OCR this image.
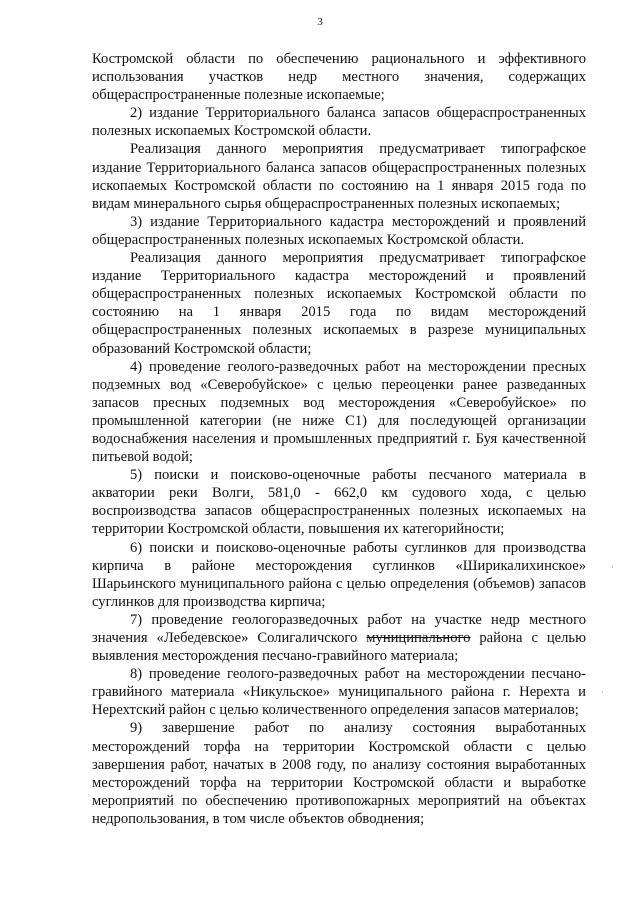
3

Костромской области по обеспечению рационального и эффективного использования участков недр местного значения, содержащих общераспространенные полезные ископаемые;

2) издание Территориального баланса запасов общераспространенных полезных ископаемых Костромской области.

Реализация данного мероприятия предусматривает типографское издание Территориального баланса запасов общераспространенных полезных ископаемых Костромской области по состоянию на 1 января 2015 года по видам минерального сырья общераспространенных полезных ископаемых;

3) издание Территориального кадастра месторождений и проявлений общераспространенных полезных ископаемых Костромской области.

Реализация данного мероприятия предусматривает типографское издание Территориального кадастра месторождений и проявлений общераспространенных полезных ископаемых Костромской области по состоянию на 1 января 2015 года по видам месторождений общераспространенных полезных ископаемых в разрезе муниципальных образований Костромской области;

4) проведение геолого-разведочных работ на месторождении пресных подземных вод «Северобуйское» с целью переоценки ранее разведанных запасов пресных подземных вод месторождения «Северобуйское» по промышленной категории (не ниже С1) для последующей организации водоснабжения населения и промышленных предприятий г. Буя качественной питьевой водой;

5) поиски и поисково-оценочные работы песчаного материала в акватории реки Волги, 581,0 - 662,0 км судового хода, с целью воспроизводства запасов общераспространенных полезных ископаемых на территории Костромской области, повышения их категорийности;

6) поиски и поисково-оценочные работы суглинков для производства кирпича в районе месторождения суглинков «Ширикалихинское» Шарьинского муниципального района с целью определения (объемов) запасов суглинков для производства кирпича;

7) проведение геологоразведочных работ на участке недр местного значения «Лебедевское» Солигаличского муниципального района с целью выявления месторождения песчано-гравийного материала;

8) проведение геолого-разведочных работ на месторождении песчано-гравийного материала «Никульское» муниципального района г. Нерехта и Нерехтский район с целью количественного определения запасов материалов;

9) завершение работ по анализу состояния выработанных месторождений торфа на территории Костромской области с целью завершения работ, начатых в 2008 году, по анализу состояния выработанных месторождений торфа на территории Костромской области и выработке мероприятий по обеспечению противопожарных мероприятий на объектах недропользования, в том числе объектов обводнения;

·
·
